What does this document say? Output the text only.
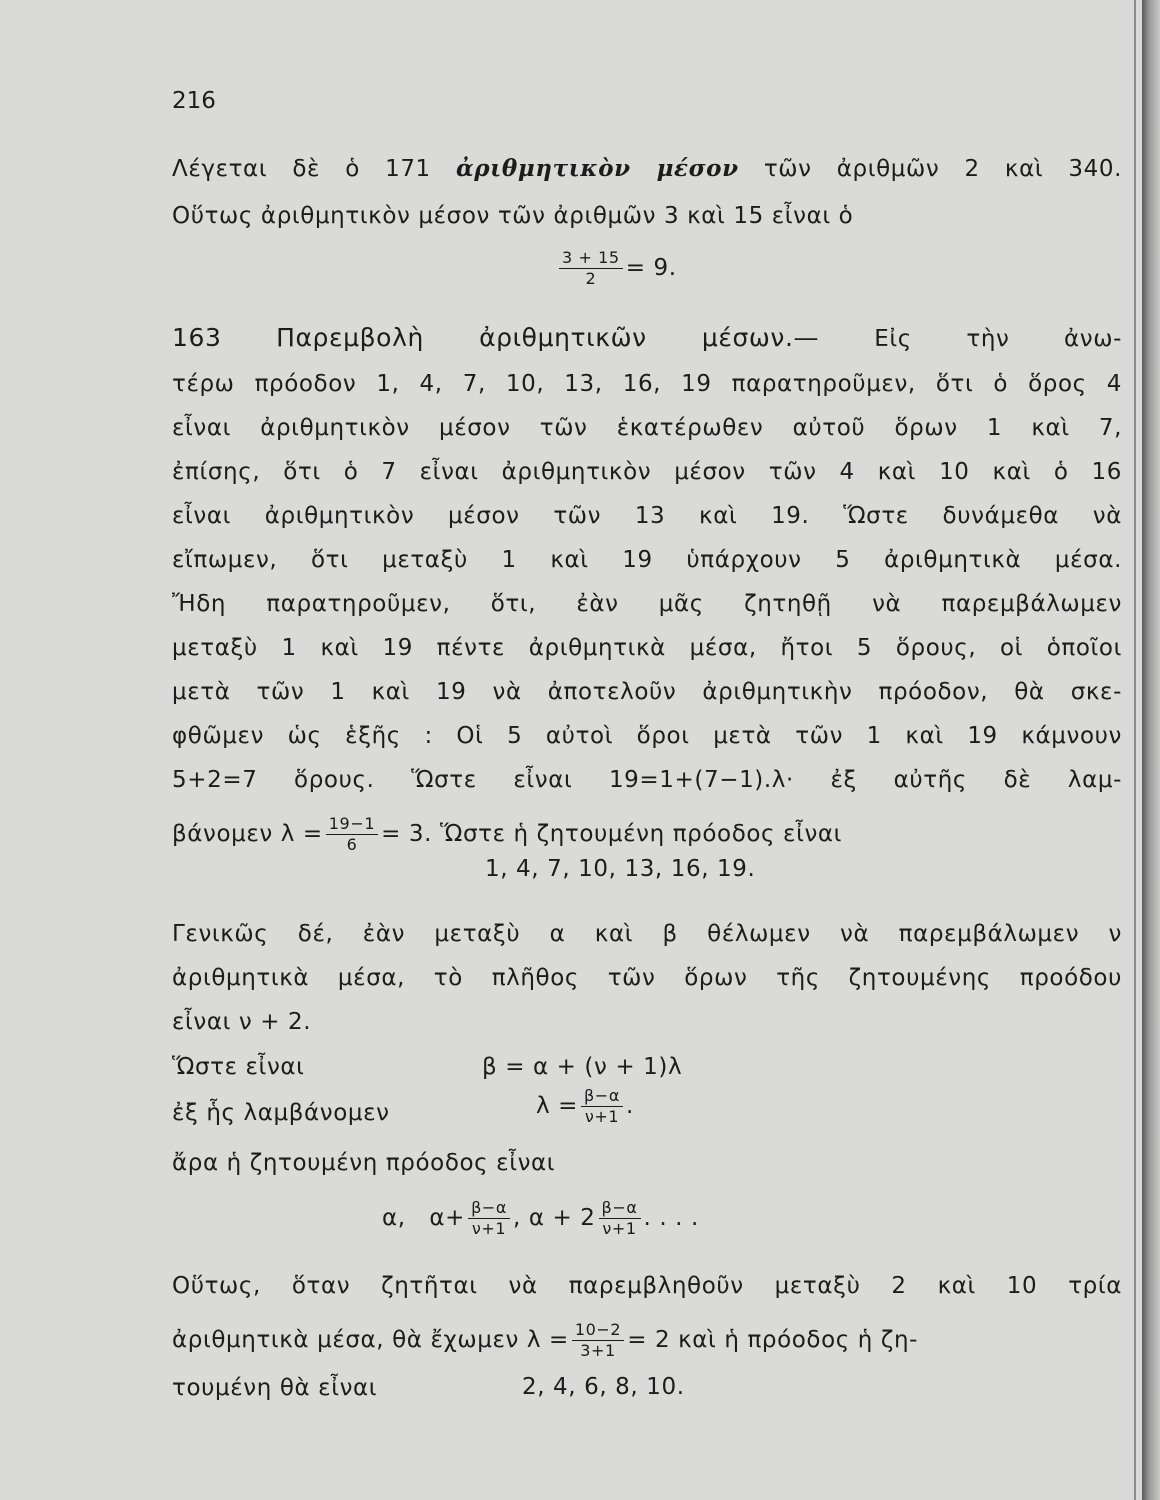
216
Λέγεται δὲ ὁ 171 ἀριθμητικὸν μέσον τῶν ἀριθμῶν 2 καὶ 340.
Οὕτως ἀριθμητικὸν μέσον τῶν ἀριθμῶν 3 καὶ 15 εἶναι ὁ
$\frac{3 + 15}{2} = 9$.
163 Παρεμβολὴ ἀριθμητικῶν μέσων.— Εἰς τὴν ἀνω-
τέρω πρόοδον 1, 4, 7, 10, 13, 16, 19 παρατηροῦμεν, ὅτι ὁ ὅρος 4
εἶναι ἀριθμητικὸν μέσον τῶν ἑκατέρωθεν αὐτοῦ ὅρων 1 καὶ 7,
ἐπίσης, ὅτι ὁ 7 εἶναι ἀριθμητικὸν μέσον τῶν 4 καὶ 10 καὶ ὁ 16
εἶναι ἀριθμητικὸν μέσον τῶν 13 καὶ 19. Ὥστε δυνάμεθα νὰ
εἴπωμεν, ὅτι μεταξὺ 1 καὶ 19 ὑπάρχουν 5 ἀριθμητικὰ μέσα.
Ἤδη παρατηροῦμεν, ὅτι, ἐὰν μᾶς ζητηθῇ νὰ παρεμβάλωμεν
μεταξὺ 1 καὶ 19 πέντε ἀριθμητικὰ μέσα, ἤτοι 5 ὅρους, οἱ ὁποῖοι
μετὰ τῶν 1 καὶ 19 νὰ ἀποτελοῦν ἀριθμητικὴν πρόοδον, θὰ σκε-
φθῶμεν ὡς ἑξῆς : Οἱ 5 αὐτοὶ ὅροι μετὰ τῶν 1 καὶ 19 κάμνουν
5+2=7 ὅρους. Ὥστε εἶναι 19=1+(7−1).λ· ἐξ αὐτῆς δὲ λαμ-
βάνομεν $\lambda = \frac{19-1}{6} = 3$. Ὥστε ἡ ζητουμένη πρόοδος εἶναι
1, 4, 7, 10, 13, 16, 19.
Γενικῶς δέ, ἐὰν μεταξὺ α καὶ β θέλωμεν νὰ παρεμβάλωμεν ν
ἀριθμητικὰ μέσα, τὸ πλῆθος τῶν ὅρων τῆς ζητουμένης προόδου
εἶναι ν + 2.
Ὥστε εἶναι	β = α + (ν + 1)λ
ἐξ ἧς λαμβάνομεν	$\lambda = \frac{\beta-\alpha}{\nu+1}$ .
ἄρα ἡ ζητουμένη πρόοδος εἶναι
α, $\alpha+ \frac{\beta-\alpha}{\nu+1}$ , $\alpha + 2 \frac{\beta-\alpha}{\nu+1}$ . . . .
Οὕτως, ὅταν ζητῆται νὰ παρεμβληθοῦν μεταξὺ 2 καὶ 10 τρία
ἀριθμητικὰ μέσα, θὰ ἔχωμεν $\lambda = \frac{10-2}{3+1} = 2$ καὶ ἡ πρόοδος ἡ ζη-
τουμένη θὰ εἶναι	2, 4, 6, 8, 10.
